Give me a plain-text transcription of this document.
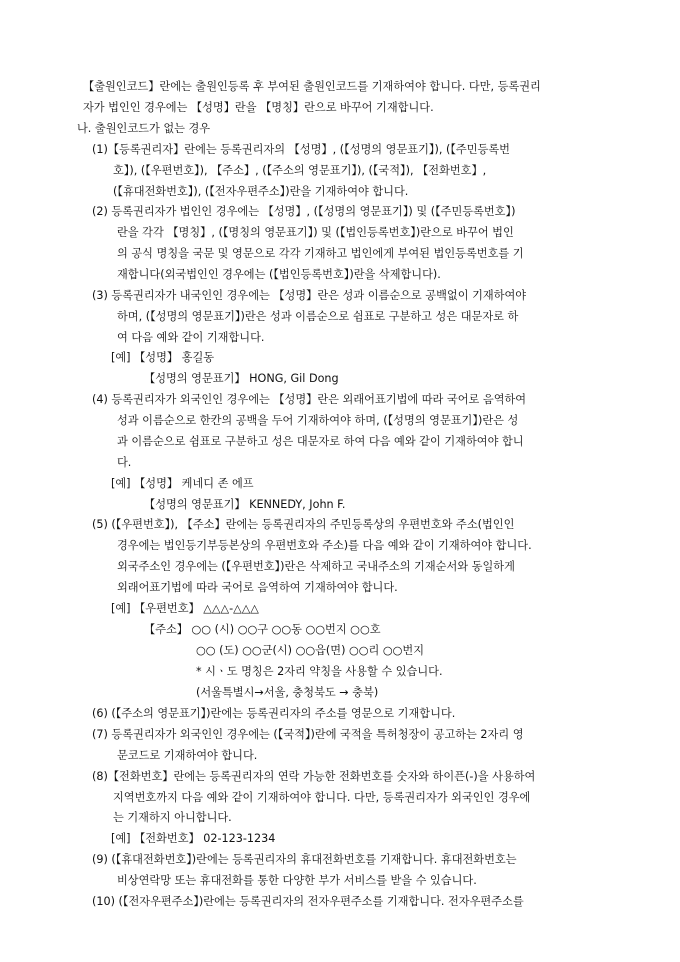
【출원인코드】란에는 출원인등록 후 부여된 출원인코드를 기재하여야 합니다. 다만, 등록권리
자가 법인인 경우에는 【성명】란을 【명칭】란으로 바꾸어 기재합니다.
나. 출원인코드가 없는 경우
(1)【등록권리자】란에는 등록권리자의 【성명】, (【성명의 영문표기】), (【주민등록번
호】), (【우편번호】), 【주소】, (【주소의 영문표기】), (【국적】), 【전화번호】,
(【휴대전화번호】), (【전자우편주소】)란을 기재하여야 합니다.
(2) 등록권리자가 법인인 경우에는 【성명】, (【성명의 영문표기】) 및 (【주민등록번호】)
란을 각각 【명칭】, (【명칭의 영문표기】) 및 (【법인등록번호】)란으로 바꾸어 법인
의 공식 명칭을 국문 및 영문으로 각각 기재하고 법인에게 부여된 법인등록번호를 기
재합니다(외국법인인 경우에는 (【법인등록번호】)란을 삭제합니다).
(3) 등록권리자가 내국인인 경우에는 【성명】란은 성과 이름순으로 공백없이 기재하여야
하며, (【성명의 영문표기】)란은 성과 이름순으로 쉼표로 구분하고 성은 대문자로 하
여 다음 예와 같이 기재합니다.
[예] 【성명】 홍길동
【성명의 영문표기】 HONG, Gil Dong
(4) 등록권리자가 외국인인 경우에는 【성명】란은 외래어표기법에 따라 국어로 음역하여
성과 이름순으로 한칸의 공백을 두어 기재하여야 하며, (【성명의 영문표기】)란은 성
과 이름순으로 쉼표로 구분하고 성은 대문자로 하여 다음 예와 같이 기재하여야 합니
다.
[예] 【성명】 케네디 존 에프
【성명의 영문표기】 KENNEDY, John F.
(5) (【우편번호】), 【주소】란에는 등록권리자의 주민등록상의 우편번호와 주소(법인인
경우에는 법인등기부등본상의 우편번호와 주소)를 다음 예와 같이 기재하여야 합니다.
외국주소인 경우에는 (【우편번호】)란은 삭제하고 국내주소의 기재순서와 동일하게
외래어표기법에 따라 국어로 음역하여 기재하여야 합니다.
[예] 【우편번호】 △△△-△△△
【주소】 ○○ (시) ○○구 ○○동 ○○번지 ○○호
○○ (도) ○○군(시) ○○읍(면) ○○리 ○○번지
* 시ㆍ도 명칭은 2자리 약칭을 사용할 수 있습니다.
(서울특별시→서울, 충청북도 → 충북)
(6) (【주소의 영문표기】)란에는 등록권리자의 주소를 영문으로 기재합니다.
(7) 등록권리자가 외국인인 경우에는 (【국적】)란에 국적을 특허청장이 공고하는 2자리 영
문코드로 기재하여야 합니다.
(8)【전화번호】란에는 등록권리자의 연락 가능한 전화번호를 숫자와 하이픈(-)을 사용하여
지역번호까지 다음 예와 같이 기재하여야 합니다. 다만, 등록권리자가 외국인인 경우에
는 기재하지 아니합니다.
[예] 【전화번호】 02-123-1234
(9) (【휴대전화번호】)란에는 등록권리자의 휴대전화번호를 기재합니다. 휴대전화번호는
비상연락망 또는 휴대전화를 통한 다양한 부가 서비스를 받을 수 있습니다.
(10) (【전자우편주소】)란에는 등록권리자의 전자우편주소를 기재합니다. 전자우편주소를
